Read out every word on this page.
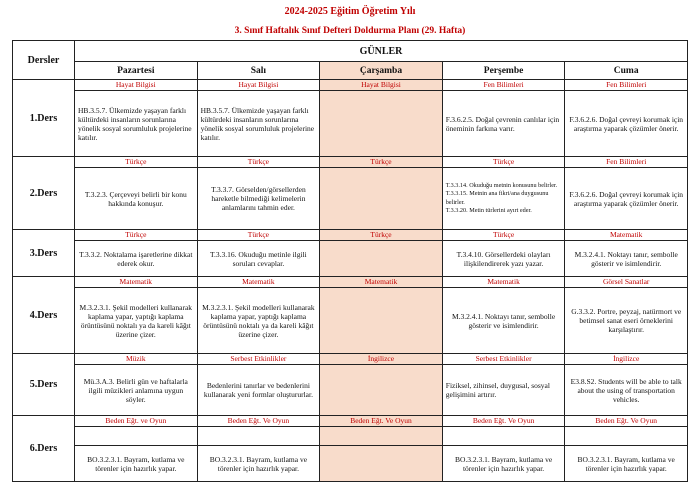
2024-2025 Eğitim Öğretim Yılı
3. Sınıf Haftalık Sınıf Defteri Doldurma Planı (29. Hafta)
Dersler	GÜNLER				
	Pazartesi	Salı	Çarşamba	Perşembe	Cuma
1.Ders	Hayat Bilgisi	Hayat Bilgisi	Hayat Bilgisi	Fen Bilimleri	Fen Bilimleri
	HB.3.5.7. Ülkemizde yaşayan farklı kültürdeki insanların sorunlarına yönelik sosyal sorumluluk projelerine katılır.	HB.3.5.7. Ülkemizde yaşayan farklı kültürdeki insanların sorunlarına yönelik sosyal sorumluluk projelerine katılır.		F.3.6.2.5. Doğal çevrenin canlılar için öneminin farkına varır.	F.3.6.2.6. Doğal çevreyi korumak için araştırma yaparak çözümler önerir.
2.Ders	Türkçe	Türkçe	Türkçe	Türkçe	Fen Bilimleri
	T.3.2.3. Çerçeveyi belirli bir konu hakkında konuşur.	T.3.3.7. Görselden/görsellerden hareketle bilmediği kelimelerin anlamlarını tahmin eder.		T.3.3.14. Okuduğu metnin konusunu belirler.
T.3.3.15. Metnin ana fikri/ana duygusunu belirler.
T.3.3.20. Metin türlerini ayırt eder.	F.3.6.2.6. Doğal çevreyi korumak için araştırma yaparak çözümler önerir.
3.Ders	Türkçe	Türkçe	Türkçe	Türkçe	Matematik
	T.3.3.2. Noktalama işaretlerine dikkat ederek okur.	T.3.3.16. Okuduğu metinle ilgili soruları cevaplar.		T.3.4.10. Görsellerdeki olayları ilişkilendirerek yazı yazar.	M.3.2.4.1. Noktayı tanır, sembolle gösterir ve isimlendirir.
4.Ders	Matematik	Matematik	Matematik	Matematik	Görsel Sanatlar
	M.3.2.3.1. Şekil modelleri kullanarak kaplama yapar, yaptığı kaplama örüntüsünü noktalı ya da kareli kâğıt üzerine çizer.	M.3.2.3.1. Şekil modelleri kullanarak kaplama yapar, yaptığı kaplama örüntüsünü noktalı ya da kareli kâğıt üzerine çizer.		M.3.2.4.1. Noktayı tanır, sembolle gösterir ve isimlendirir.	G.3.3.2. Portre, peyzaj, natürmort ve betimsel sanat eseri örneklerini karşılaştırır.
5.Ders	Müzik	Serbest Etkinlikler	İngilizce	Serbest Etkinlikler	İngilizce
	Mü.3.A.3. Belirli gün ve haftalarla ilgili müzikleri anlamına uygun söyler.	Bedenlerini tanırlar ve bedenlerini kullanarak yeni formlar oluştururlar.		Fiziksel, zihinsel, duygusal, sosyal gelişimini artırır.	E3.8.S2. Students will be able to talk about the using of transportation vehicles.
6.Ders	Beden Eğt. ve Oyun	Beden Eğt. Ve Oyun	Beden Eğt. Ve Oyun	Beden Eğt. Ve Oyun	Beden Eğt. Ve Oyun

	BO.3.2.3.1. Bayram, kutlama ve törenler için hazırlık yapar.	BO.3.2.3.1. Bayram, kutlama ve törenler için hazırlık yapar.		BO.3.2.3.1. Bayram, kutlama ve törenler için hazırlık yapar.	BO.3.2.3.1. Bayram, kutlama ve törenler için hazırlık yapar.
